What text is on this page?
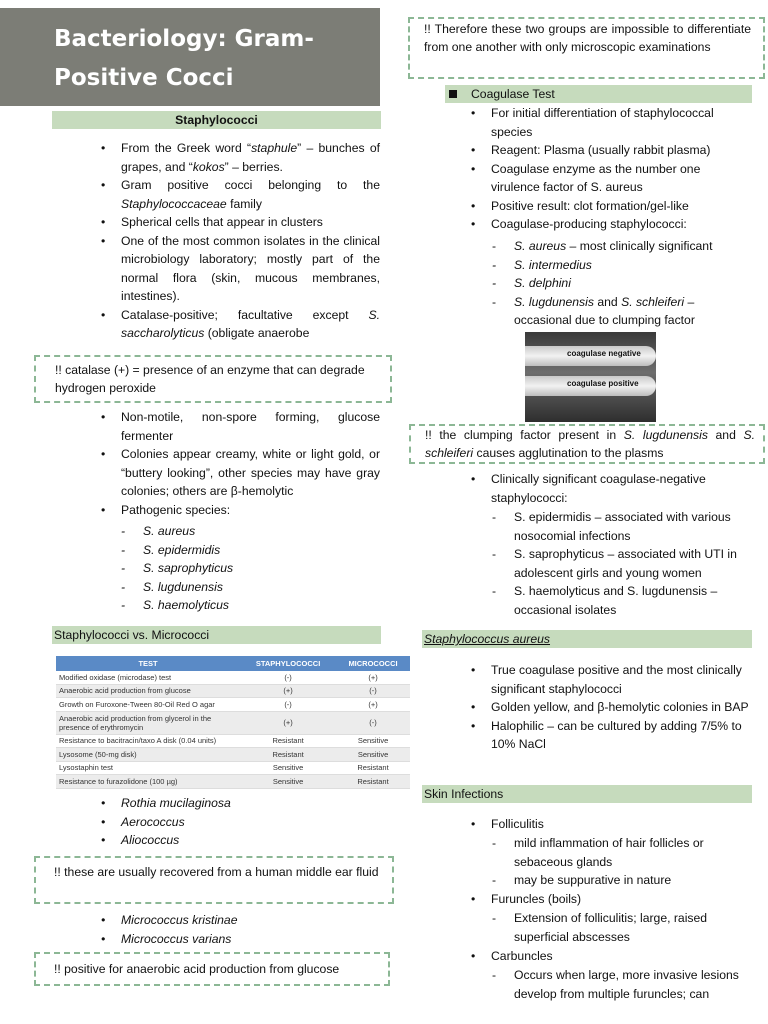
Bacteriology: Gram-Positive Cocci
Staphylococci
• From the Greek word “staphule” – bunches of grapes, and “kokos” – berries.
• Gram positive cocci belonging to the Staphylococcaceae family
• Spherical cells that appear in clusters
• One of the most common isolates in the clinical microbiology laboratory; mostly part of the normal flora (skin, mucous membranes, intestines).
• Catalase-positive; facultative except S. saccharolyticus (obligate anaerobe
!! catalase (+) = presence of an enzyme that can degrade hydrogen peroxide
• Non-motile, non-spore forming, glucose fermenter
• Colonies appear creamy, white or light gold, or “buttery looking”, other species may have gray colonies; others are β-hemolytic
• Pathogenic species:
- S. aureus
- S. epidermidis
- S. saprophyticus
- S. lugdunensis
- S. haemolyticus
Staphylococci vs. Micrococci
TEST	STAPHYLOCOCCI	MICROCOCCI
Modified oxidase (microdase) test	(-)	(+)
Anaerobic acid production from glucose	(+)	(-)
Growth on Furoxone-Tween 80-Oil Red O agar	(-)	(+)
Anaerobic acid production from glycerol in the presence of erythromycin	(+)	(-)
Resistance to bacitracin/taxo A disk (0.04 units)	Resistant	Sensitive
Lysosome (50-mg disk)	Resistant	Sensitive
Lysostaphin test	Sensitive	Resistant
Resistance to furazolidone (100 µg)	Sensitive	Resistant
• Rothia mucilaginosa
• Aerococcus
• Aliococcus
!! these are usually recovered from a human middle ear fluid
• Micrococcus kristinae
• Micrococcus varians
!! positive for anaerobic acid production from glucose
!! Therefore these two groups are impossible to differentiate from one another with only microscopic examinations
Coagulase Test
• For initial differentiation of staphylococcal species
• Reagent: Plasma (usually rabbit plasma)
• Coagulase enzyme as the number one virulence factor of S. aureus
• Positive result: clot formation/gel-like
• Coagulase-producing staphylococci:
- S. aureus – most clinically significant
- S. intermedius
- S. delphini
- S. lugdunensis and S. schleiferi – occasional due to clumping factor
coagulase negative
coagulase positive
!! the clumping factor present in S. lugdunensis and S. schleiferi causes agglutination to the plasms
• Clinically significant coagulase-negative staphylococci:
- S. epidermidis – associated with various nosocomial infections
- S. saprophyticus – associated with UTI in adolescent girls and young women
- S. haemolyticus and S. lugdunensis – occasional isolates
Staphylococcus aureus
• True coagulase positive and the most clinically significant staphylococci
• Golden yellow, and β-hemolytic colonies in BAP
• Halophilic – can be cultured by adding 7/5% to 10% NaCl
Skin Infections
• Folliculitis
- mild inflammation of hair follicles or sebaceous glands
- may be suppurative in nature
• Furuncles (boils)
- Extension of folliculitis; large, raised superficial abscesses
• Carbuncles
- Occurs when large, more invasive lesions develop from multiple furuncles; can
